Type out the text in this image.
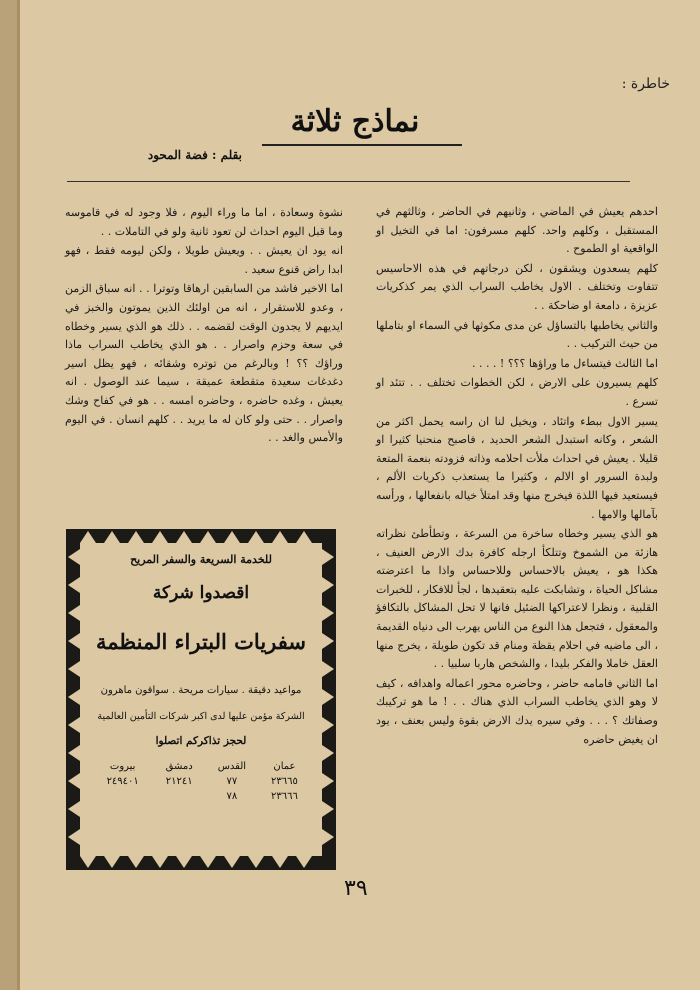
خاطرة :
نماذج ثلاثة
بقلم : فضة المحود

احدهم يعيش في الماضي ، وثانيهم في الحاضر ، وثالثهم في المستقبل ، وكلهم واحد. كلهم مسرفون: اما في التخيل او الواقعية او الطموح .

كلهم يسعدون ويشقون ، لكن درجاتهم في هذه الاحاسيس تتفاوت وتختلف . الاول يخاطب السراب الذي يمر كذكريات عزيزة ، دامعة او ضاحكة . .

والثاني يخاطبها بالتساؤل عن مدى مكوثها في السماء او بتاملها من حيث التركيب . .

اما الثالث فيتساءل ما وراؤها ؟؟؟ ! . . . .

كلهم يسيرون على الارض ، لكن الخطوات تختلف . . تتئد او تسرع .

يسير الاول ببطء واتئاد ، ويخيل لنا ان راسه يحمل اكثر من الشعر ، وكانه استبدل الشعر الحديد ، فاصبح منحنيا كثيرا او قليلا . يعيش في احداث ملأت احلامه وذاته فزودته بنعمة المتعة ولبدة السرور او الالم ، وكثيرا ما يستعذب ذكريات الألم ، فيستعيد فيها اللذة فيخرج منها وقد امتلأ خياله بانفعالها ، ورأسه بآمالها والامها .

هو الذي يسير وخطاه ساخرة من السرعة ، وتطأطئ نظراته هازئة من الشموخ وتتلكأ ارجله كافرة بدك الارض العنيف ، هكذا هو ، يعيش بالاحساس وللاحساس واذا ما اعترضته مشاكل الحياة ، وتشابكت عليه بتعقيدها ، لجأ للافكار ، للخبرات القلبية ، ونظرا لاعتراكها الضئيل فانها لا تحل المشاكل بالتكافؤ والمعقول ، فتجعل هذا النوع من الناس يهرب الى دنياه القديمة ، الى ماضيه في احلام يقظة ومنام قد تكون طويلة ، يخرج منها العقل خاملا والفكر بليدا ، والشخص هاربا سلبيا . .

اما الثاني فامامه حاضر ، وحاضره محور اعماله واهدافه ، كيف لا وهو الذي يخاطب السراب الذي هناك . . ! ما هو تركيبك وصفاتك ؟ . . . وفي سيره يدك الارض بقوة وليس بعنف ، يود ان يغيض حاضره

نشوة وسعادة ، اما ما وراء اليوم ، فلا وجود له في قاموسه وما قبل اليوم احداث لن تعود ثانية ولو في التاملات . .

انه يود ان يعيش . . ويعيش طويلا ، ولكن ليومه فقط ، فهو ابدا راض قنوع سعيد .

اما الاخير فاشد من السابقين ارهاقا وتوترا . . انه سباق الزمن ، وعدو للاستقرار ، انه من اولئك الذين يموتون والخبز في ايديهم لا يجدون الوقت لقضمه . . ذلك هو الذي يسير وخطاه في سعة وحزم واصرار . . هو الذي يخاطب السراب ماذا وراؤك ؟؟ ! وبالرغم من توتره وشقائه ، فهو يظل اسير دغدغات سعيدة متقطعة عميقة ، سيما عند الوصول . انه يعيش ، وغده حاضره ، وحاضره امسه . . هو في كفاح وشك واصرار . . حتى ولو كان له ما يريد . . كلهم انسان . في اليوم والأمس والغد . .

للخدمة السريعة والسفر المريح
اقصدوا شركة
سفريات البتراء المنظمة
مواعيد دقيقة . سيارات مريحة . سواقون ماهرون
الشركة مؤمن عليها لدى اكبر شركات التأمين العالمية
لحجز تذاكركم اتصلوا
عمان	القدس	دمشق	بيروت
٢٣٦٦٥	٧٧	٢١٢٤١	٢٤٩٤٠١
٢٣٦٦٦	٧٨		
٣٩
